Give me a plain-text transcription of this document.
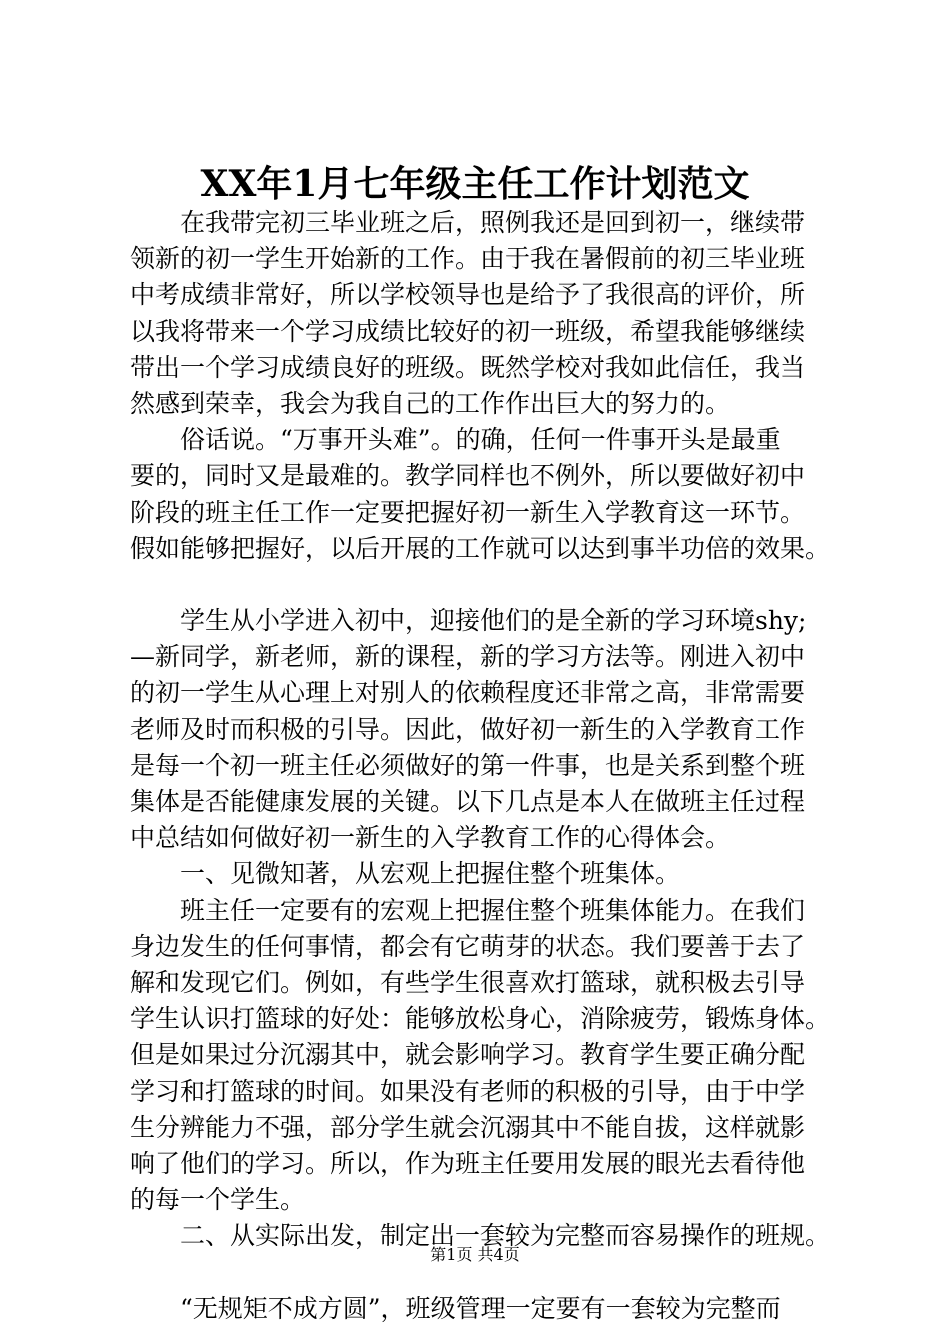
XX年1月七年级主任工作计划范文
　　在我带完初三毕业班之后，照例我还是回到初一，继续带
领新的初一学生开始新的工作。由于我在暑假前的初三毕业班
中考成绩非常好，所以学校领导也是给予了我很高的评价，所
以我将带来一个学习成绩比较好的初一班级，希望我能够继续
带出一个学习成绩良好的班级。既然学校对我如此信任，我当
然感到荣幸，我会为我自己的工作作出巨大的努力的。
　　俗话说。“万事开头难”。的确，任何一件事开头是最重
要的，同时又是最难的。教学同样也不例外，所以要做好初中
阶段的班主任工作一定要把握好初一新生入学教育这一环节。
假如能够把握好，以后开展的工作就可以达到事半功倍的效果。
　　学生从小学进入初中，迎接他们的是全新的学习环境shy;
—新同学，新老师，新的课程，新的学习方法等。刚进入初中
的初一学生从心理上对别人的依赖程度还非常之高，非常需要
老师及时而积极的引导。因此，做好初一新生的入学教育工作
是每一个初一班主任必须做好的第一件事，也是关系到整个班
集体是否能健康发展的关键。以下几点是本人在做班主任过程
中总结如何做好初一新生的入学教育工作的心得体会。
　　一、见微知著，从宏观上把握住整个班集体。
　　班主任一定要有的宏观上把握住整个班集体能力。在我们
身边发生的任何事情，都会有它萌芽的状态。我们要善于去了
解和发现它们。例如，有些学生很喜欢打篮球，就积极去引导
学生认识打篮球的好处：能够放松身心，消除疲劳，锻炼身体。
但是如果过分沉溺其中，就会影响学习。教育学生要正确分配
学习和打篮球的时间。如果没有老师的积极的引导，由于中学
生分辨能力不强，部分学生就会沉溺其中不能自拔，这样就影
响了他们的学习。所以，作为班主任要用发展的眼光去看待他
的每一个学生。
　　二、从实际出发，制定出一套较为完整而容易操作的班规。
　　“无规矩不成方圆”，班级管理一定要有一套较为完整而
第1页 共4页
